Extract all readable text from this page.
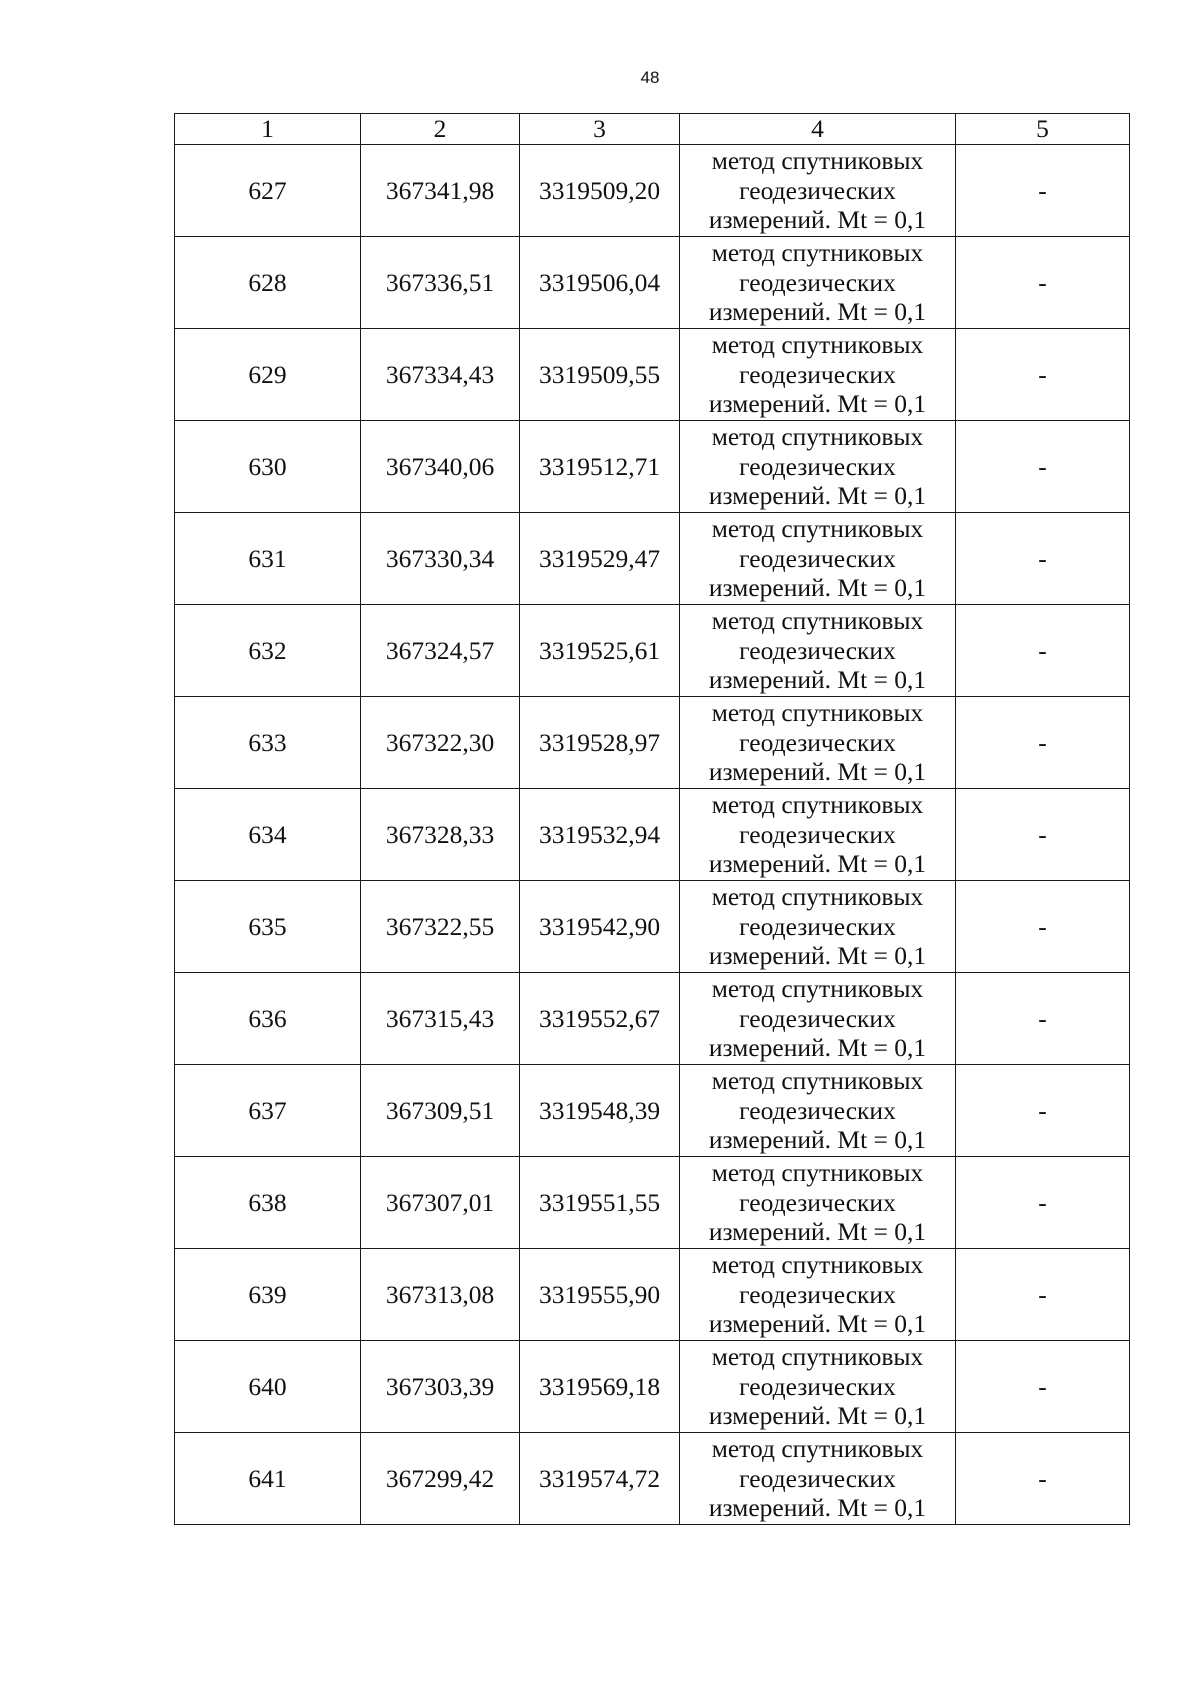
48
1	2	3	4	5
627	367341,98	3319509,20	метод спутниковых
геодезических
измерений. Mt = 0,1	-
628	367336,51	3319506,04	метод спутниковых
геодезических
измерений. Mt = 0,1	-
629	367334,43	3319509,55	метод спутниковых
геодезических
измерений. Mt = 0,1	-
630	367340,06	3319512,71	метод спутниковых
геодезических
измерений. Mt = 0,1	-
631	367330,34	3319529,47	метод спутниковых
геодезических
измерений. Mt = 0,1	-
632	367324,57	3319525,61	метод спутниковых
геодезических
измерений. Mt = 0,1	-
633	367322,30	3319528,97	метод спутниковых
геодезических
измерений. Mt = 0,1	-
634	367328,33	3319532,94	метод спутниковых
геодезических
измерений. Mt = 0,1	-
635	367322,55	3319542,90	метод спутниковых
геодезических
измерений. Mt = 0,1	-
636	367315,43	3319552,67	метод спутниковых
геодезических
измерений. Mt = 0,1	-
637	367309,51	3319548,39	метод спутниковых
геодезических
измерений. Mt = 0,1	-
638	367307,01	3319551,55	метод спутниковых
геодезических
измерений. Mt = 0,1	-
639	367313,08	3319555,90	метод спутниковых
геодезических
измерений. Mt = 0,1	-
640	367303,39	3319569,18	метод спутниковых
геодезических
измерений. Mt = 0,1	-
641	367299,42	3319574,72	метод спутниковых
геодезических
измерений. Mt = 0,1	-
